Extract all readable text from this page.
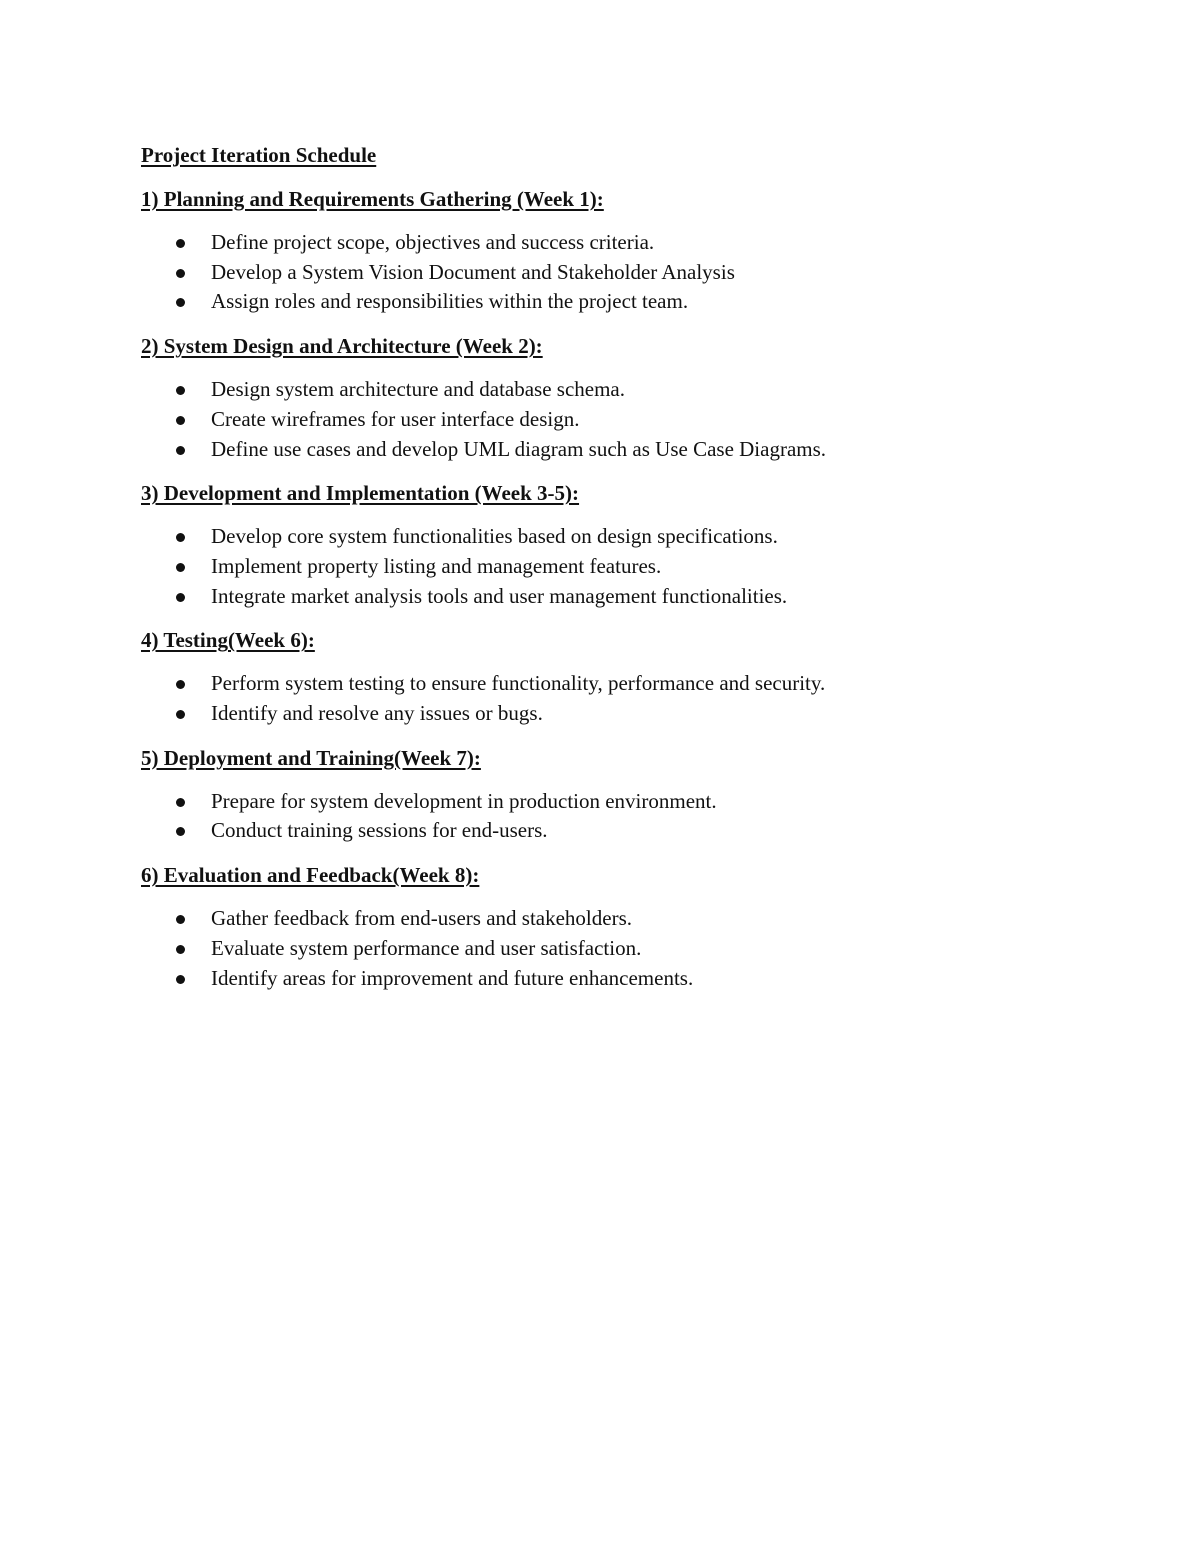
Project Iteration Schedule
1) Planning and Requirements Gathering (Week 1):
Define project scope, objectives and success criteria.
Develop a System Vision Document and Stakeholder Analysis
Assign roles and responsibilities within the project team.
2) System Design and Architecture (Week 2):
Design system architecture and database schema.
Create wireframes for user interface design.
Define use cases and develop UML diagram such as Use Case Diagrams.
3) Development and Implementation (Week 3-5):
Develop core system functionalities based on design specifications.
Implement property listing and management features.
Integrate market analysis tools and user management functionalities.
4) Testing(Week 6):
Perform system testing to ensure functionality, performance and security.
Identify and resolve any issues or bugs.
5) Deployment and Training(Week 7):
Prepare for system development in production environment.
Conduct training sessions for end-users.
6) Evaluation and Feedback(Week 8):
Gather feedback from end-users and stakeholders.
Evaluate system performance and user satisfaction.
Identify areas for improvement and future enhancements.
